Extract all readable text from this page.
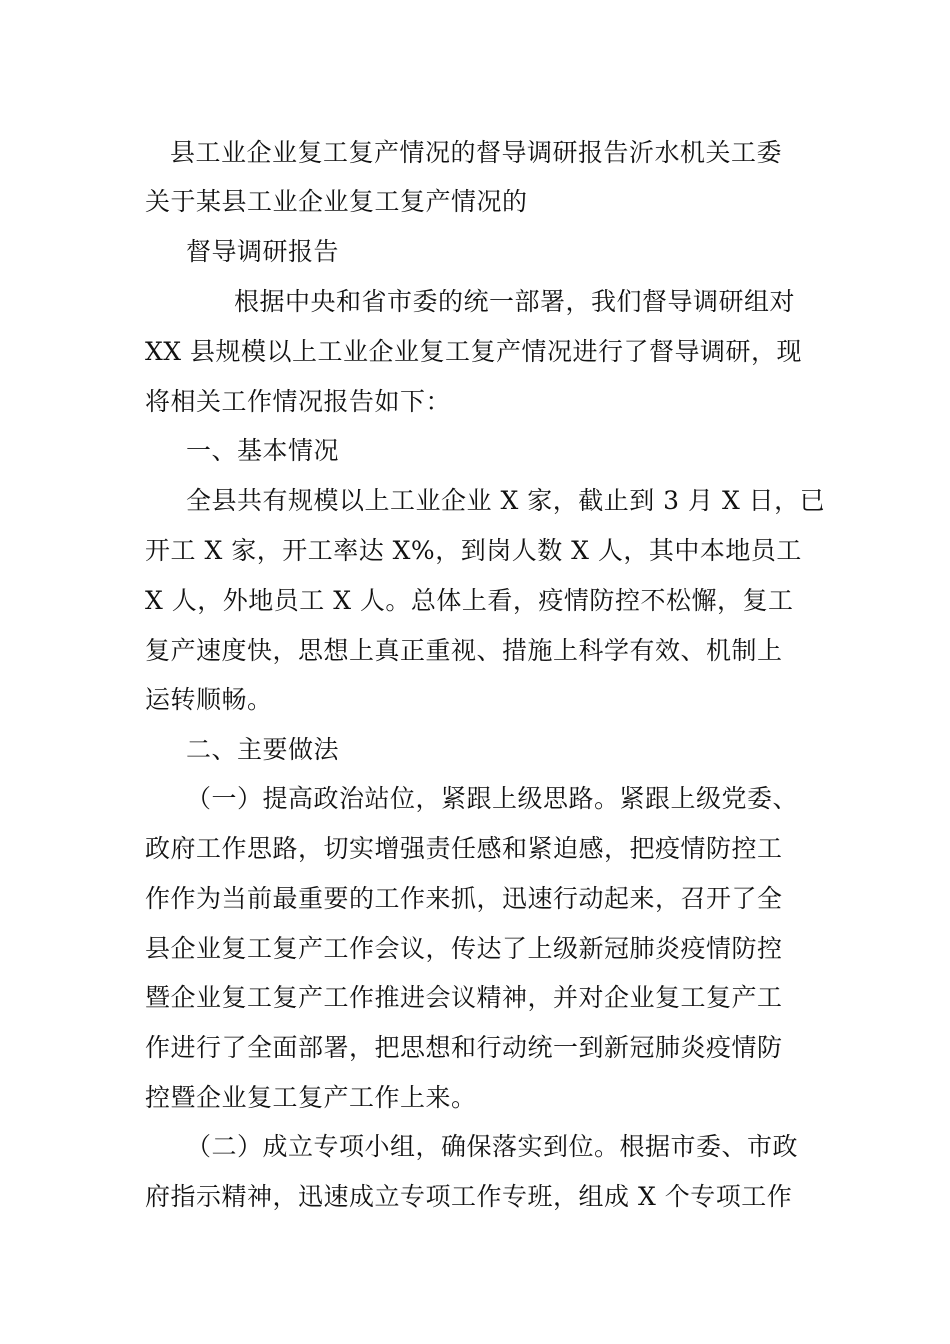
县工业企业复工复产情况的督导调研报告沂水机关工委
关于某县工业企业复工复产情况的
督导调研报告
根据中央和省市委的统一部署，我们督导调研组对
XX 县规模以上工业企业复工复产情况进行了督导调研，现
将相关工作情况报告如下：
一、基本情况
全县共有规模以上工业企业 X 家，截止到 3 月 X 日，已
开工 X 家，开工率达 X%，到岗人数 X 人，其中本地员工
X 人，外地员工 X 人。总体上看，疫情防控不松懈，复工
复产速度快，思想上真正重视、措施上科学有效、机制上
运转顺畅。
二、主要做法
（一）提高政治站位，紧跟上级思路。紧跟上级党委、
政府工作思路，切实增强责任感和紧迫感，把疫情防控工
作作为当前最重要的工作来抓，迅速行动起来，召开了全
县企业复工复产工作会议，传达了上级新冠肺炎疫情防控
暨企业复工复产工作推进会议精神，并对企业复工复产工
作进行了全面部署，把思想和行动统一到新冠肺炎疫情防
控暨企业复工复产工作上来。
（二）成立专项小组，确保落实到位。根据市委、市政
府指示精神，迅速成立专项工作专班，组成 X 个专项工作
